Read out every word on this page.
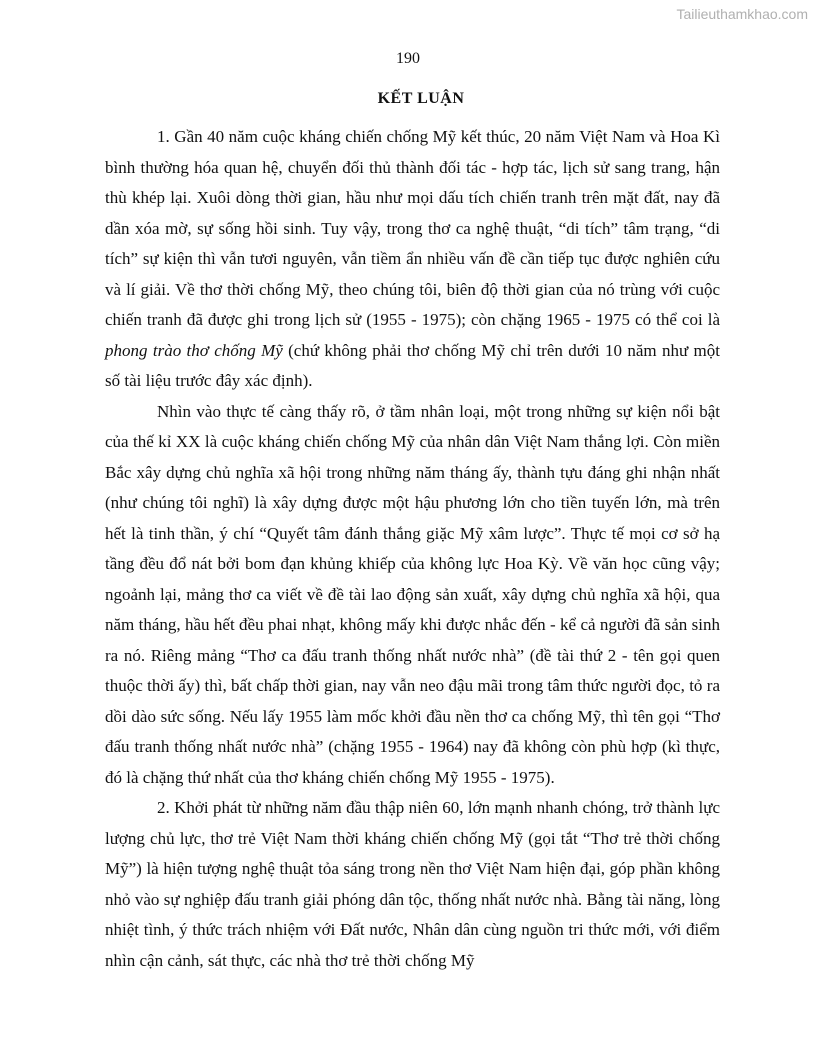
Tailieuthamkhao.com
190
KẾT LUẬN

1. Gần 40 năm cuộc kháng chiến chống Mỹ kết thúc, 20 năm Việt Nam và Hoa Kì bình thường hóa quan hệ, chuyển đối thủ thành đối tác - hợp tác, lịch sử sang trang, hận thù khép lại. Xuôi dòng thời gian, hầu như mọi dấu tích chiến tranh trên mặt đất, nay đã dần xóa mờ, sự sống hồi sinh. Tuy vậy, trong thơ ca nghệ thuật, “di tích” tâm trạng, “di tích” sự kiện thì vẫn tươi nguyên, vẫn tiềm ẩn nhiều vấn đề cần tiếp tục được nghiên cứu và lí giải. Về thơ thời chống Mỹ, theo chúng tôi, biên độ thời gian của nó trùng với cuộc chiến tranh đã được ghi trong lịch sử (1955 - 1975); còn chặng 1965 - 1975 có thể coi là phong trào thơ chống Mỹ (chứ không phải thơ chống Mỹ chỉ trên dưới 10 năm như một số tài liệu trước đây xác định).

Nhìn vào thực tế càng thấy rõ, ở tầm nhân loại, một trong những sự kiện nổi bật của thế kỉ XX là cuộc kháng chiến chống Mỹ của nhân dân Việt Nam thắng lợi. Còn miền Bắc xây dựng chủ nghĩa xã hội trong những năm tháng ấy, thành tựu đáng ghi nhận nhất (như chúng tôi nghĩ) là xây dựng được một hậu phương lớn cho tiền tuyến lớn, mà trên hết là tinh thần, ý chí “Quyết tâm đánh thắng giặc Mỹ xâm lược”. Thực tế mọi cơ sở hạ tầng đều đổ nát bởi bom đạn khủng khiếp của không lực Hoa Kỳ. Về văn học cũng vậy; ngoảnh lại, mảng thơ ca viết về đề tài lao động sản xuất, xây dựng chủ nghĩa xã hội, qua năm tháng, hầu hết đều phai nhạt, không mấy khi được nhắc đến - kể cả người đã sản sinh ra nó. Riêng mảng “Thơ ca đấu tranh thống nhất nước nhà” (đề tài thứ 2 - tên gọi quen thuộc thời ấy) thì, bất chấp thời gian, nay vẫn neo đậu mãi trong tâm thức người đọc, tỏ ra dồi dào sức sống. Nếu lấy 1955 làm mốc khởi đầu nền thơ ca chống Mỹ, thì tên gọi “Thơ đấu tranh thống nhất nước nhà” (chặng 1955 - 1964) nay đã không còn phù hợp (kì thực, đó là chặng thứ nhất của thơ kháng chiến chống Mỹ 1955 - 1975).

2. Khởi phát từ những năm đầu thập niên 60, lớn mạnh nhanh chóng, trở thành lực lượng chủ lực, thơ trẻ Việt Nam thời kháng chiến chống Mỹ (gọi tắt “Thơ trẻ thời chống Mỹ”) là hiện tượng nghệ thuật tỏa sáng trong nền thơ Việt Nam hiện đại, góp phần không nhỏ vào sự nghiệp đấu tranh giải phóng dân tộc, thống nhất nước nhà. Bằng tài năng, lòng nhiệt tình, ý thức trách nhiệm với Đất nước, Nhân dân cùng nguồn tri thức mới, với điểm nhìn cận cảnh, sát thực, các nhà thơ trẻ thời chống Mỹ
